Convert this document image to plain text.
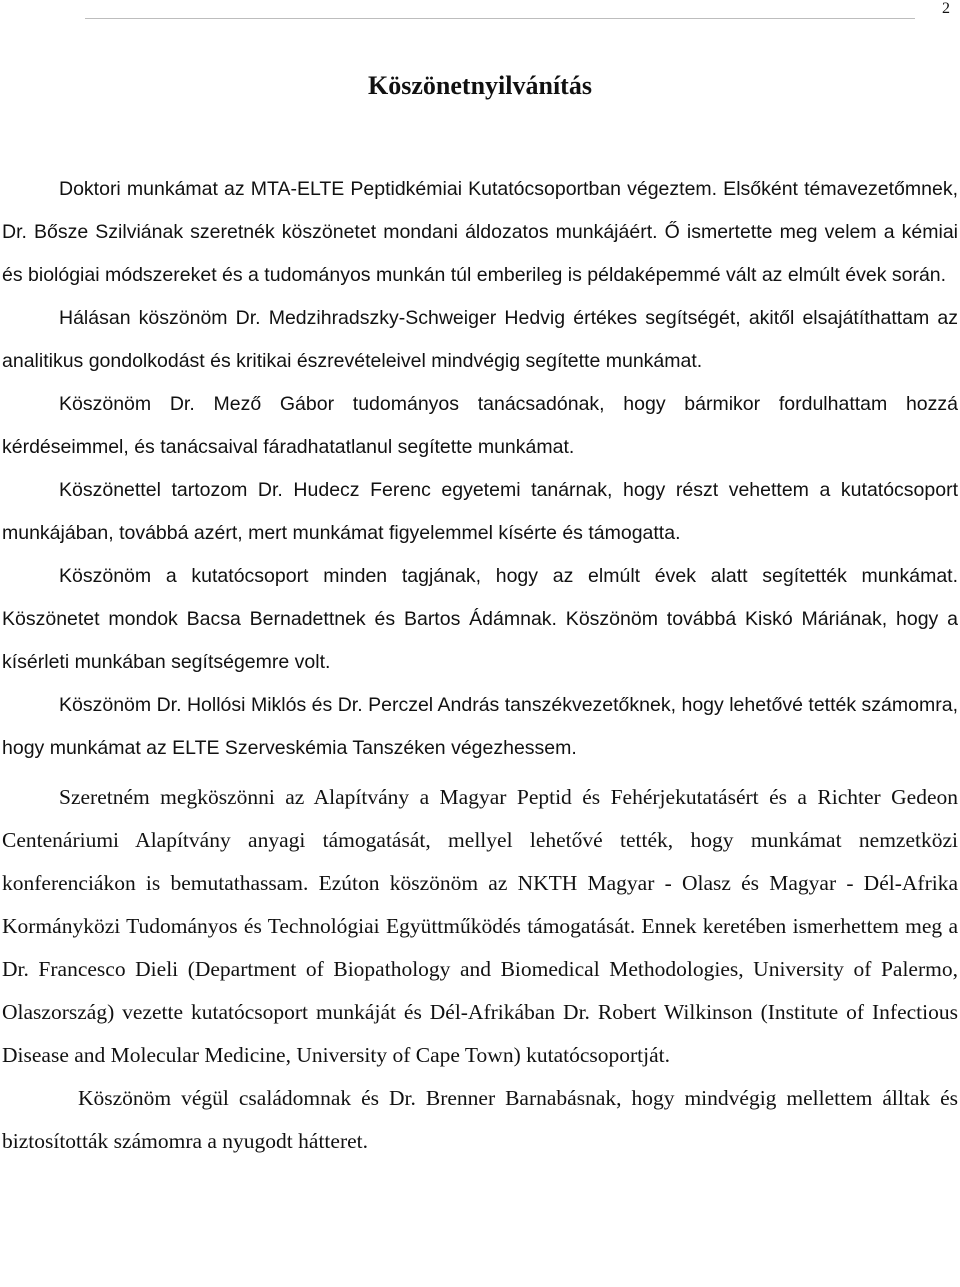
2
Köszönetnyilvánítás

Doktori munkámat az MTA-ELTE Peptidkémiai Kutatócsoportban végeztem. Elsőként témavezetőmnek, Dr. Bősze Szilviának szeretnék köszönetet mondani áldozatos munkájáért. Ő ismertette meg velem a kémiai és biológiai módszereket és a tudományos munkán túl emberileg is példaképemmé vált az elmúlt évek során.

Hálásan köszönöm Dr. Medzihradszky-Schweiger Hedvig értékes segítségét, akitől elsajátíthattam az analitikus gondolkodást és kritikai észrevételeivel mindvégig segítette munkámat.

Köszönöm Dr. Mező Gábor tudományos tanácsadónak, hogy bármikor fordulhattam hozzá kérdéseimmel, és tanácsaival fáradhatatlanul segítette munkámat.

Köszönettel tartozom Dr. Hudecz Ferenc egyetemi tanárnak, hogy részt vehettem a kutatócsoport munkájában, továbbá azért, mert munkámat figyelemmel kísérte és támogatta.

Köszönöm a kutatócsoport minden tagjának, hogy az elmúlt évek alatt segítették munkámat. Köszönetet mondok Bacsa Bernadettnek és Bartos Ádámnak. Köszönöm továbbá Kiskó Máriának, hogy a kísérleti munkában segítségemre volt.

Köszönöm Dr. Hollósi Miklós és Dr. Perczel András tanszékvezetőknek, hogy lehetővé tették számomra, hogy munkámat az ELTE Szerveskémia Tanszéken végezhessem.

Szeretném megköszönni az Alapítvány a Magyar Peptid és Fehérjekutatásért és a Richter Gedeon Centenáriumi Alapítvány anyagi támogatását, mellyel lehetővé tették, hogy munkámat nemzetközi konferenciákon is bemutathassam. Ezúton köszönöm az NKTH Magyar - Olasz és Magyar - Dél-Afrika Kormányközi Tudományos és Technológiai Együttműködés támogatását. Ennek keretében ismerhettem meg a Dr. Francesco Dieli (Department of Biopathology and Biomedical Methodologies, University of Palermo, Olaszország) vezette kutatócsoport munkáját és Dél-Afrikában Dr. Robert Wilkinson (Institute of Infectious Disease and Molecular Medicine, University of Cape Town) kutatócsoportját.

Köszönöm végül családomnak és Dr. Brenner Barnabásnak, hogy mindvégig mellettem álltak és biztosították számomra a nyugodt hátteret.
